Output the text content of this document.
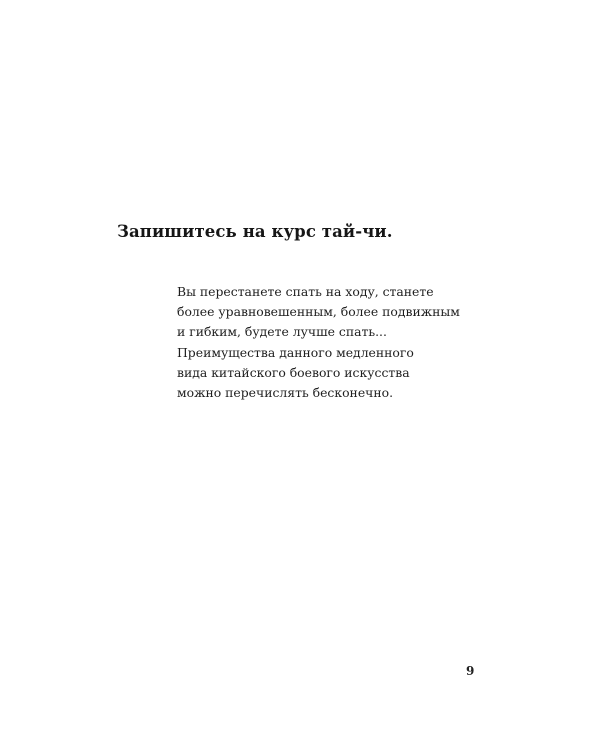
Запишитесь на курс тай-чи.
Вы перестанете спать на ходу, станете
более уравновешенным, более подвижным
и гибким, будете лучше спать...
Преимущества данного медленного
вида китайского боевого искусства
можно перечислять бесконечно.
9
